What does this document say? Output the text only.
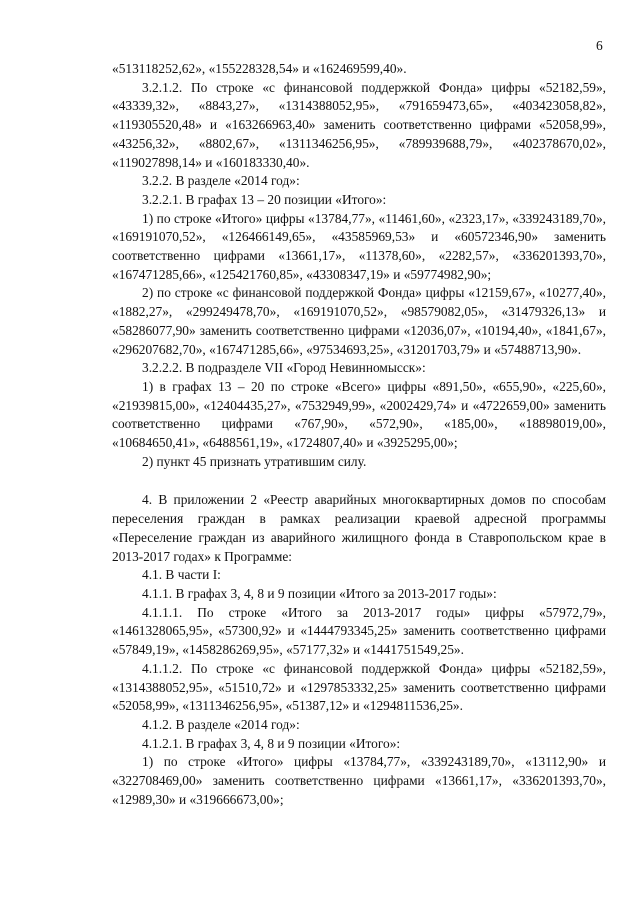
6

«513118252,62», «155228328,54» и «162469599,40».

3.2.1.2. По строке «с финансовой поддержкой Фонда» цифры «52182,59», «43339,32», «8843,27», «1314388052,95», «791659473,65», «403423058,82», «119305520,48» и «163266963,40» заменить соответственно цифрами «52058,99», «43256,32», «8802,67», «1311346256,95», «789939688,79», «402378670,02», «119027898,14» и «160183330,40».

3.2.2. В разделе «2014 год»:

3.2.2.1. В графах 13 – 20 позиции «Итого»:

1) по строке «Итого» цифры «13784,77», «11461,60», «2323,17», «339243189,70», «169191070,52», «126466149,65», «43585969,53» и «60572346,90» заменить соответственно цифрами «13661,17», «11378,60», «2282,57», «336201393,70», «167471285,66», «125421760,85», «43308347,19» и «59774982,90»;

2) по строке «с финансовой поддержкой Фонда» цифры «12159,67», «10277,40», «1882,27», «299249478,70», «169191070,52», «98579082,05», «31479326,13» и «58286077,90» заменить соответственно цифрами «12036,07», «10194,40», «1841,67», «296207682,70», «167471285,66», «97534693,25», «31201703,79» и «57488713,90».

3.2.2.2. В подразделе VII «Город Невинномысск»:

1) в графах 13 – 20 по строке «Всего» цифры «891,50», «655,90», «225,60», «21939815,00», «12404435,27», «7532949,99», «2002429,74» и «4722659,00» заменить соответственно цифрами «767,90», «572,90», «185,00», «18898019,00», «10684650,41», «6488561,19», «1724807,40» и «3925295,00»;

2) пункт 45 признать утратившим силу.

4. В приложении 2 «Реестр аварийных многоквартирных домов по способам переселения граждан в рамках реализации краевой адресной программы «Переселение граждан из аварийного жилищного фонда в Ставропольском крае в 2013-2017 годах» к Программе:

4.1. В части I:

4.1.1. В графах 3, 4, 8 и 9 позиции «Итого за 2013-2017 годы»:

4.1.1.1. По строке «Итого за 2013-2017 годы» цифры «57972,79», «1461328065,95», «57300,92» и «1444793345,25» заменить соответственно цифрами «57849,19», «1458286269,95», «57177,32» и «1441751549,25».

4.1.1.2. По строке «с финансовой поддержкой Фонда» цифры «52182,59», «1314388052,95», «51510,72» и «1297853332,25» заменить соответственно цифрами «52058,99», «1311346256,95», «51387,12» и «1294811536,25».

4.1.2. В разделе «2014 год»:

4.1.2.1. В графах 3, 4, 8 и 9 позиции «Итого»:

1) по строке «Итого» цифры «13784,77», «339243189,70», «13112,90» и «322708469,00» заменить соответственно цифрами «13661,17», «336201393,70», «12989,30» и «319666673,00»;
